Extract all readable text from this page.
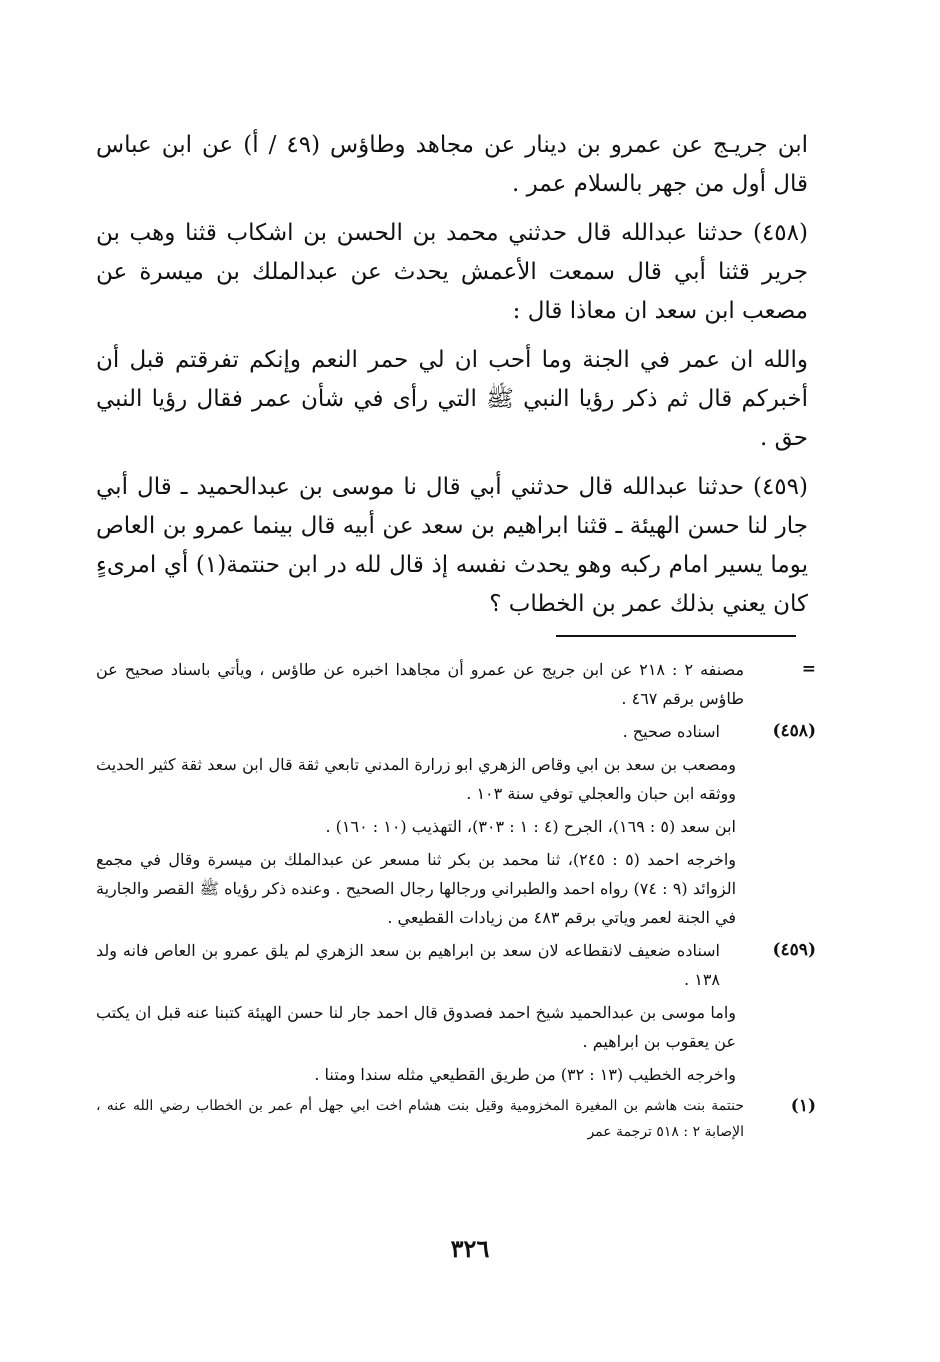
ابن جريـج عن عمرو بن دينار عن مجاهد وطاؤس (٤٩ / أ) عن ابن عباس قال أول من جهر بالسلام عمر .

(٤٥٨) حدثنا عبدالله قال حدثني محمد بن الحسن بن اشكاب قثنا وهب بن جرير قثنا أبي قال سمعت الأعمش يحدث عن عبدالملك بن ميسرة عن مصعب ابن سعد ان معاذا قال :

والله ان عمر في الجنة وما أحب ان لي حمر النعم وإنكم تفرقتم قبل أن أخبركم قال ثم ذكر رؤيا النبي ﷺ التي رأى في شأن عمر فقال رؤيا النبي حق .

(٤٥٩) حدثنا عبدالله قال حدثني أبي قال نا موسى بن عبدالحميد ـ قال أبي جار لنا حسن الهيئة ـ قثنا ابراهيم بن سعد عن أبيه قال بينما عمرو بن العاص يوما يسير امام ركبه وهو يحدث نفسه إذ قال لله در ابن حنتمة(١) أي امرىءٍ كان يعني بذلك عمر بن الخطاب ؟

=
مصنفه ٢ : ٢١٨ عن ابن جريج عن عمرو أن مجاهدا اخبره عن طاؤس ، ويأتي باسناد صحيح عن طاؤس برقم ٤٦٧ .
(٤٥٨)
اسناده صحيح .
ومصعب بن سعد بن ابي وقاص الزهري ابو زرارة المدني تابعي ثقة قال ابن سعد ثقة كثير الحديث ووثقه ابن حبان والعجلي توفي سنة ١٠٣ .
ابن سعد (٥ : ١٦٩)، الجرح (٤ : ١ : ٣٠٣)، التهذيب (١٠ : ١٦٠) .
واخرجه احمد (٥ : ٢٤٥)، ثنا محمد بن بكر ثنا مسعر عن عبدالملك بن ميسرة وقال في مجمع الزوائد (٩ : ٧٤) رواه احمد والطبراني ورجالها رجال الصحيح . وعنده ذكر رؤياه ﷺ القصر والجارية في الجنة لعمر وياتي برقم ٤٨٣ من زيادات القطيعي .
(٤٥٩)
اسناده ضعيف لانقطاعه لان سعد بن ابراهيم بن سعد الزهري لم يلق عمرو بن العاص فانه ولد ١٣٨ .
واما موسى بن عبدالحميد شيخ احمد فصدوق قال احمد جار لنا حسن الهيئة كتبنا عنه قبل ان يكتب عن يعقوب بن ابراهيم .
واخرجه الخطيب (١٣ : ٣٢) من طريق القطيعي مثله سندا ومتنا .
(١)
حنتمة بنت هاشم بن المغيرة المخزومية وقيل بنت هشام اخت ابي جهل أم عمر بن الخطاب رضي الله عنه ، الإصابة ٢ : ٥١٨ ترجمة عمر
٣٢٦
